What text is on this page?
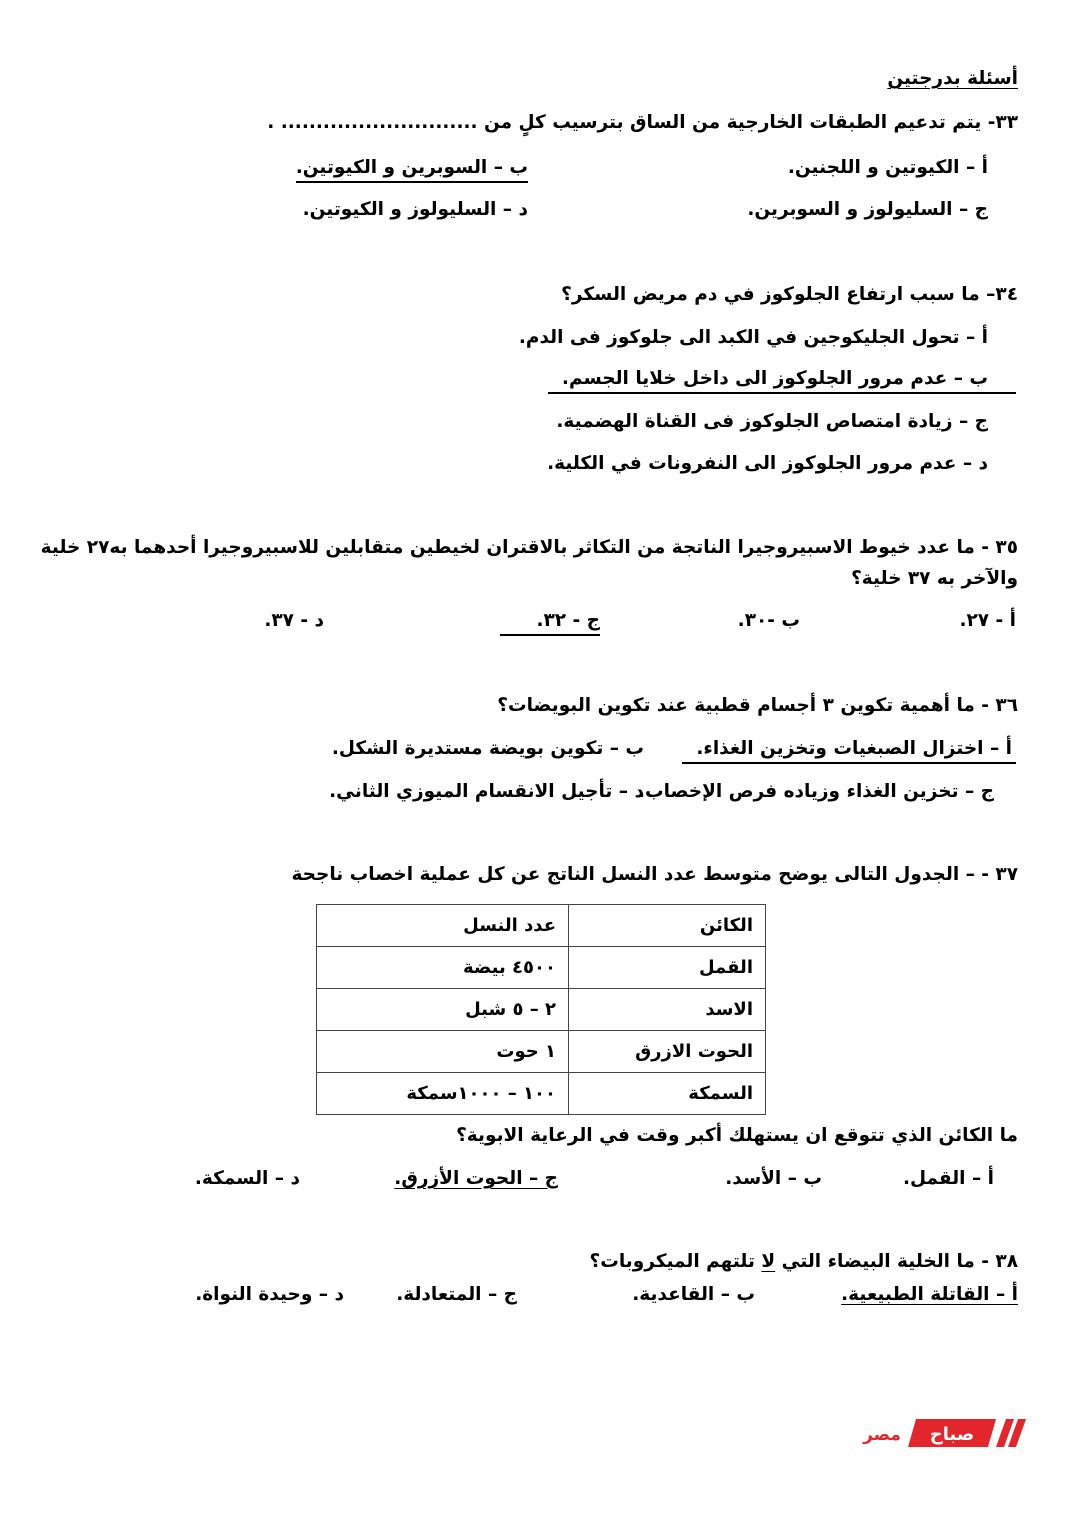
أسئلة بدرجتين
٣٣- يتم تدعيم الطبقات الخارجية من الساق بترسيب كلٍ من ............................ .
أ – الكيوتين و اللجنين.
ب – السوبرين و الكيوتين.
ج – السليولوز و السوبرين.
د – السليولوز و الكيوتين.
٣٤– ما سبب ارتفاع الجلوكوز في دم مريض السكر؟
أ – تحول الجليكوجين في الكبد الى جلوكوز فى الدم.
ب – عدم مرور الجلوكوز الى داخل خلايا الجسم.
ج – زيادة امتصاص الجلوكوز فى القناة الهضمية.
د – عدم مرور الجلوكوز الى النفرونات في الكلية.
٣٥ - ما عدد خيوط الاسبيروجيرا الناتجة من التكاثر بالاقتران لخيطين متقابلين للاسبيروجيرا أحدهما به٢٧ خلية
والآخر به ٣٧ خلية؟
أ - ٢٧.
ب -٣٠.
ج - ٣٢.
د - ٣٧.
٣٦ - ما أهمية تكوين ٣ أجسام قطبية عند تكوين البويضات؟
أ – اختزال الصبغيات وتخزين الغذاء.
ب – تكوين بويضة مستديرة الشكل.
ج – تخزين الغذاء وزياده فرص الإخصاب.
د – تأجيل الانقسام الميوزي الثاني.
٣٧ - – الجدول التالى يوضح متوسط عدد النسل الناتج عن كل عملية اخصاب ناجحة
الكائن	عدد النسل
القمل	٤٥٠٠ بيضة
الاسد	٢ – ٥ شبل
الحوت الازرق	١ حوت
السمكة	١٠٠ – ١٠٠٠سمكة
ما الكائن الذي تتوقع ان يستهلك أكبر وقت في الرعاية الابوية؟
أ – القمل.
ب – الأسد.
ج – الحوت الأزرق.
د – السمكة.
٣٨ - ما الخلية البيضاء التي لا تلتهم الميكروبات؟
أ – القاتلة الطبيعية.
ب – القاعدية.
ج – المتعادلة.
د – وحيدة النواة.
صباح
مصر
